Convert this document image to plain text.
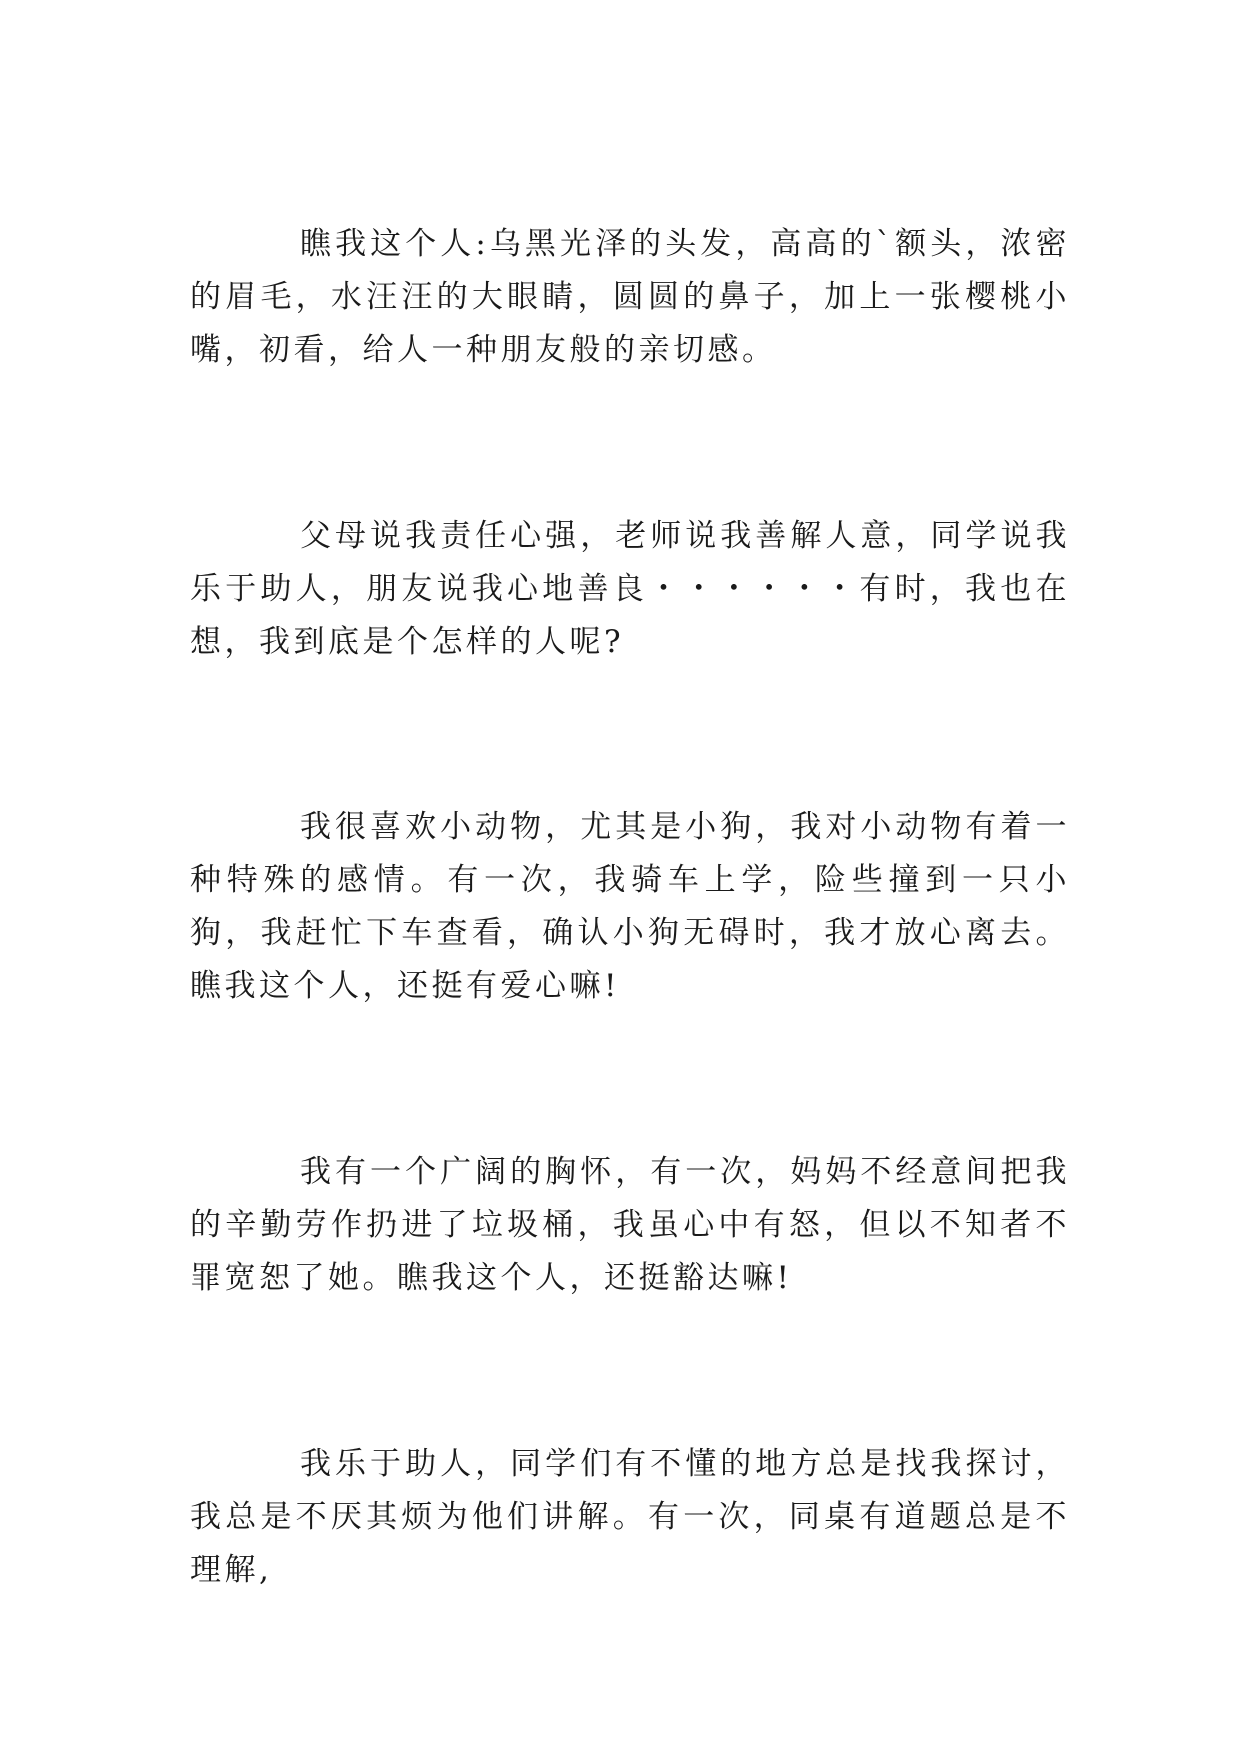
瞧我这个人:乌黑光泽的头发，高高的`额头，浓密的眉毛，水汪汪的大眼睛，圆圆的鼻子，加上一张樱桃小嘴，初看，给人一种朋友般的亲切感。

父母说我责任心强，老师说我善解人意，同学说我乐于助人，朋友说我心地善良・・・・・・有时，我也在想，我到底是个怎样的人呢?

我很喜欢小动物，尤其是小狗，我对小动物有着一种特殊的感情。有一次，我骑车上学，险些撞到一只小狗，我赶忙下车查看，确认小狗无碍时，我才放心离去。瞧我这个人，还挺有爱心嘛!

我有一个广阔的胸怀，有一次，妈妈不经意间把我的辛勤劳作扔进了垃圾桶，我虽心中有怒，但以不知者不罪宽恕了她。瞧我这个人，还挺豁达嘛!

我乐于助人，同学们有不懂的地方总是找我探讨，我总是不厌其烦为他们讲解。有一次，同桌有道题总是不理解,
